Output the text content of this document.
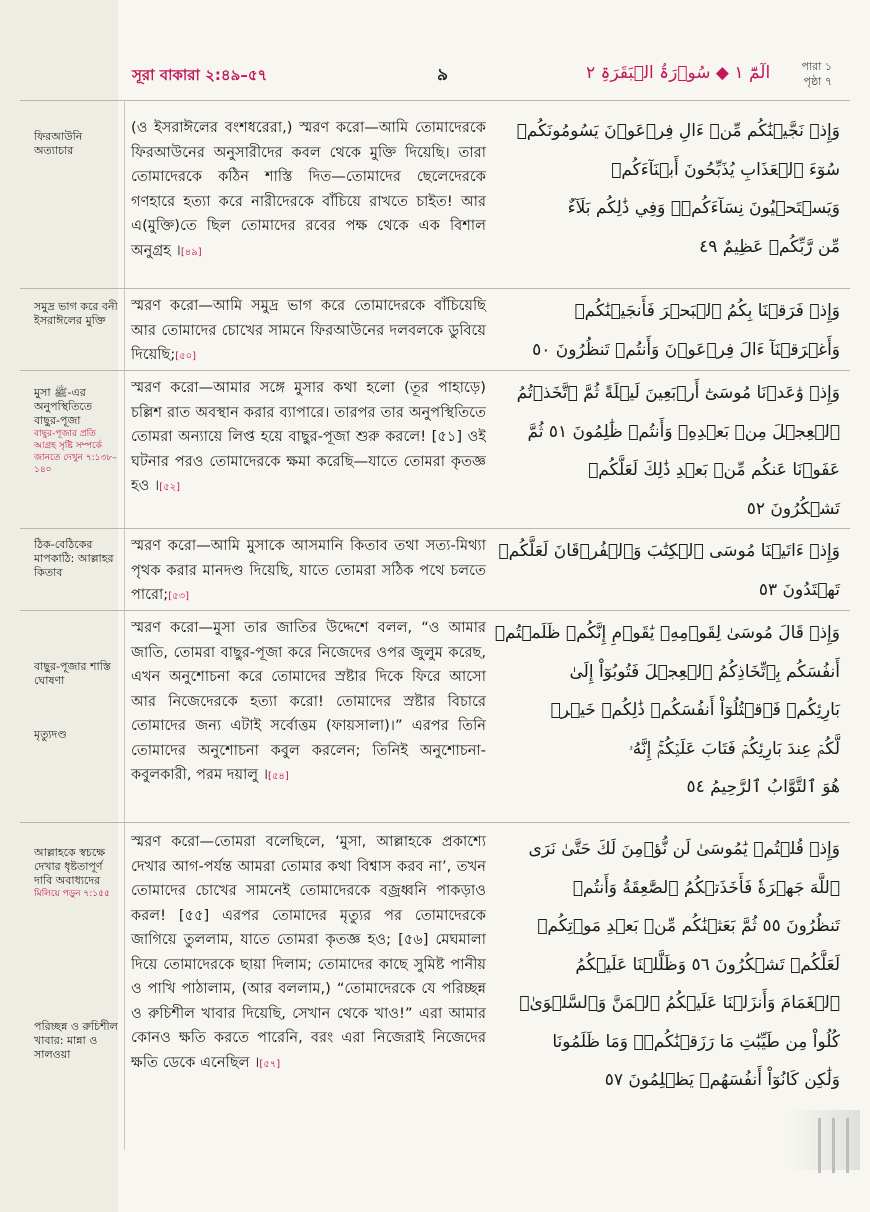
সূরা বাকারা ২:৪৯–৫৭	৯	الٓمّٓ ١ ◆ سُوۡرَۃُ الۡبَقَرَۃِ ٢	পারা ১
পৃষ্ঠা ৭
ফিরআউনি অত্যাচার
(ও ইসরাঈলের বংশধরেরা,) স্মরণ করো—আমি তোমাদেরকে ফিরআউনের অনুসারীদের কবল থেকে মুক্তি দিয়েছি। তারা তোমাদেরকে কঠিন শাস্তি দিত—তোমাদের ছেলেদেরকে গণহারে হত্যা করে নারীদেরকে বাঁচিয়ে রাখতে চাইত! আর এ(মুক্তি)তে ছিল তোমাদের রবের পক্ষ থেকে এক বিশাল অনুগ্রহ ।[৪৯]
وَإِذۡ نَجَّيۡنَٰكُم مِّنۡ ءَالِ فِرۡعَوۡنَ يَسُومُونَكُمۡ
سُوٓءَ ٱلۡعَذَابِ يُذَبِّحُونَ أَبۡنَآءَكُمۡ
وَيَسۡتَحۡيُونَ نِسَآءَكُمۡۚ وَفِي ذَٰلِكُم بَلَآءٌ
مِّن رَّبِّكُمۡ عَظِيمٌ ٤٩
সমুদ্র ভাগ করে বনী ইসরাঈলের মুক্তি
স্মরণ করো—আমি সমুদ্র ভাগ করে তোমাদেরকে বাঁচিয়েছি আর তোমাদের চোখের সামনে ফিরআউনের দলবলকে ডুবিয়ে দিয়েছি;[৫০]
وَإِذۡ فَرَقۡنَا بِكُمُ ٱلۡبَحۡرَ فَأَنجَيۡنَٰكُمۡ
وَأَغۡرَقۡنَآ ءَالَ فِرۡعَوۡنَ وَأَنتُمۡ تَنظُرُونَ ٥٠
মুসা ﷺ-এর অনুপস্থিতিতে বাছুর-পূজা
বাছুর-পূজার প্রতি আগ্রহ সৃষ্টি সম্পর্কে জানতে দেখুন ৭:১৩৮–১৪০
স্মরণ করো—আমার সঙ্গে মুসার কথা হলো (তূর পাহাড়ে) চল্লিশ রাত অবস্থান করার ব্যাপারে। তারপর তার অনুপস্থিতিতে তোমরা অন্যায়ে লিপ্ত হয়ে বাছুর-পূজা শুরু করলে! [৫১] ওই ঘটনার পরও তোমাদেরকে ক্ষমা করেছি—যাতে তোমরা কৃতজ্ঞ হও ।[৫২]
وَإِذۡ وَٰعَدۡنَا مُوسَىٰٓ أَرۡبَعِينَ لَيۡلَةً ثُمَّ ٱتَّخَذۡتُمُ
ٱلۡعِجۡلَ مِنۢ بَعۡدِهِۦ وَأَنتُمۡ ظَٰلِمُونَ ٥١ ثُمَّ
عَفَوۡنَا عَنكُم مِّنۢ بَعۡدِ ذَٰلِكَ لَعَلَّكُمۡ
تَشۡكُرُونَ ٥٢
ঠিক-বেঠিকের মাপকাঠি: আল্লাহর কিতাব
স্মরণ করো—আমি মুসাকে আসমানি কিতাব তথা সত্য-মিথ্যা পৃথক করার মানদণ্ড দিয়েছি, যাতে তোমরা সঠিক পথে চলতে পারো;[৫৩]
وَإِذۡ ءَاتَيۡنَا مُوسَى ٱلۡكِتَٰبَ وَٱلۡفُرۡقَانَ لَعَلَّكُمۡ
تَهۡتَدُونَ ٥٣
বাছুর-পূজার শাস্তি ঘোষণা
মৃত্যুদণ্ড
স্মরণ করো—মুসা তার জাতির উদ্দেশে বলল, “ও আমার জাতি, তোমরা বাছুর-পূজা করে নিজেদের ওপর জুলুম করেছ, এখন অনুশোচনা করে তোমাদের স্রষ্টার দিকে ফিরে আসো আর নিজেদেরকে হত্যা করো! তোমাদের স্রষ্টার বিচারে তোমাদের জন্য এটাই সর্বোত্তম (ফায়সালা)।” এরপর তিনি তোমাদের অনুশোচনা কবুল করলেন; তিনিই অনুশোচনা-কবুলকারী, পরম দয়ালু ।[৫৪]
وَإِذۡ قَالَ مُوسَىٰ لِقَوۡمِهِۦ يَٰقَوۡمِ إِنَّكُمۡ ظَلَمۡتُمۡ
أَنفُسَكُم بِٱتِّخَاذِكُمُ ٱلۡعِجۡلَ فَتُوبُوٓاْ إِلَىٰ
بَارِئِكُمۡ فَٱقۡتُلُوٓاْ أَنفُسَكُمۡ ذَٰلِكُمۡ خَيۡرٞ
لَّكُمۡ عِندَ بَارِئِكُمۡ فَتَابَ عَلَيۡكُمۡۚ إِنَّهُۥ
هُوَ ٱلتَّوَّابُ ٱلرَّحِيمُ ٥٤
আল্লাহকে স্বচক্ষে দেখার ধৃষ্টতাপূর্ণ দাবি অবাধ্যদের
মিলিয়ে পড়ুন ৭:১৫৫
পরিচ্ছন্ন ও রুচিশীল খাবার: মান্না ও সালওয়া
স্মরণ করো—তোমরা বলেছিলে, ‘মুসা, আল্লাহকে প্রকাশ্যে দেখার আগ-পর্যন্ত আমরা তোমার কথা বিশ্বাস করব না’, তখন তোমাদের চোখের সামনেই তোমাদেরকে বজ্রধ্বনি পাকড়াও করল! [৫৫] এরপর তোমাদের মৃত্যুর পর তোমাদেরকে জাগিয়ে তুললাম, যাতে তোমরা কৃতজ্ঞ হও; [৫৬] মেঘমালা দিয়ে তোমাদেরকে ছায়া দিলাম; তোমাদের কাছে সুমিষ্ট পানীয় ও পাখি পাঠালাম, (আর বললাম,) “তোমাদেরকে যে পরিচ্ছন্ন ও রুচিশীল খাবার দিয়েছি, সেখান থেকে খাও!” এরা আমার কোনও ক্ষতি করতে পারেনি, বরং এরা নিজেরাই নিজেদের ক্ষতি ডেকে এনেছিল ।[৫৭]
وَإِذۡ قُلۡتُمۡ يَٰمُوسَىٰ لَن نُّؤۡمِنَ لَكَ حَتَّىٰ نَرَى
ٱللَّهَ جَهۡرَةٗ فَأَخَذَتۡكُمُ ٱلصَّٰعِقَةُ وَأَنتُمۡ
تَنظُرُونَ ٥٥ ثُمَّ بَعَثۡنَٰكُم مِّنۢ بَعۡدِ مَوۡتِكُمۡ
لَعَلَّكُمۡ تَشۡكُرُونَ ٥٦ وَظَلَّلۡنَا عَلَيۡكُمُ
ٱلۡغَمَامَ وَأَنزَلۡنَا عَلَيۡكُمُ ٱلۡمَنَّ وَٱلسَّلۡوَىٰۖ
كُلُواْ مِن طَيِّبَٰتِ مَا رَزَقۡنَٰكُمۡۚ وَمَا ظَلَمُونَا
وَلَٰكِن كَانُوٓاْ أَنفُسَهُمۡ يَظۡلِمُونَ ٥٧
